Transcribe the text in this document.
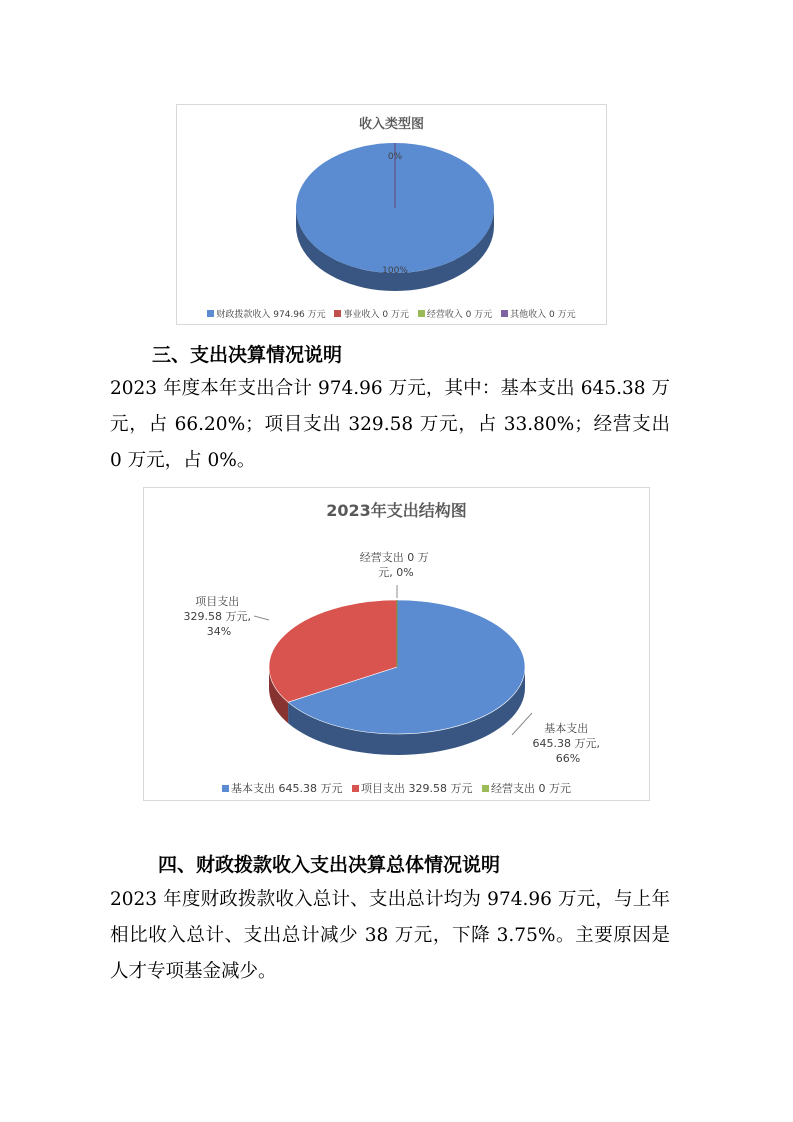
收入类型图
0%
100%
财政拨款收入 974.96 万元 事业收入 0 万元 经营收入 0 万元 其他收入 0 万元
三、支出决算情况说明

2023 年度本年支出合计 974.96 万元，其中：基本支出 645.38 万元，占 66.20%；项目支出 329.58 万元，占 33.80%；经营支出 0 万元，占 0%。

2023年支出结构图
项目支出 329.58 万元, 34%
经营支出 0 万 元, 0%
基本支出 645.38 万元, 66%
基本支出 645.38 万元 项目支出 329.58 万元 经营支出 0 万元
四、财政拨款收入支出决算总体情况说明

2023 年度财政拨款收入总计、支出总计均为 974.96 万元，与上年相比收入总计、支出总计减少 38 万元，下降 3.75%。主要原因是人才专项基金减少。
